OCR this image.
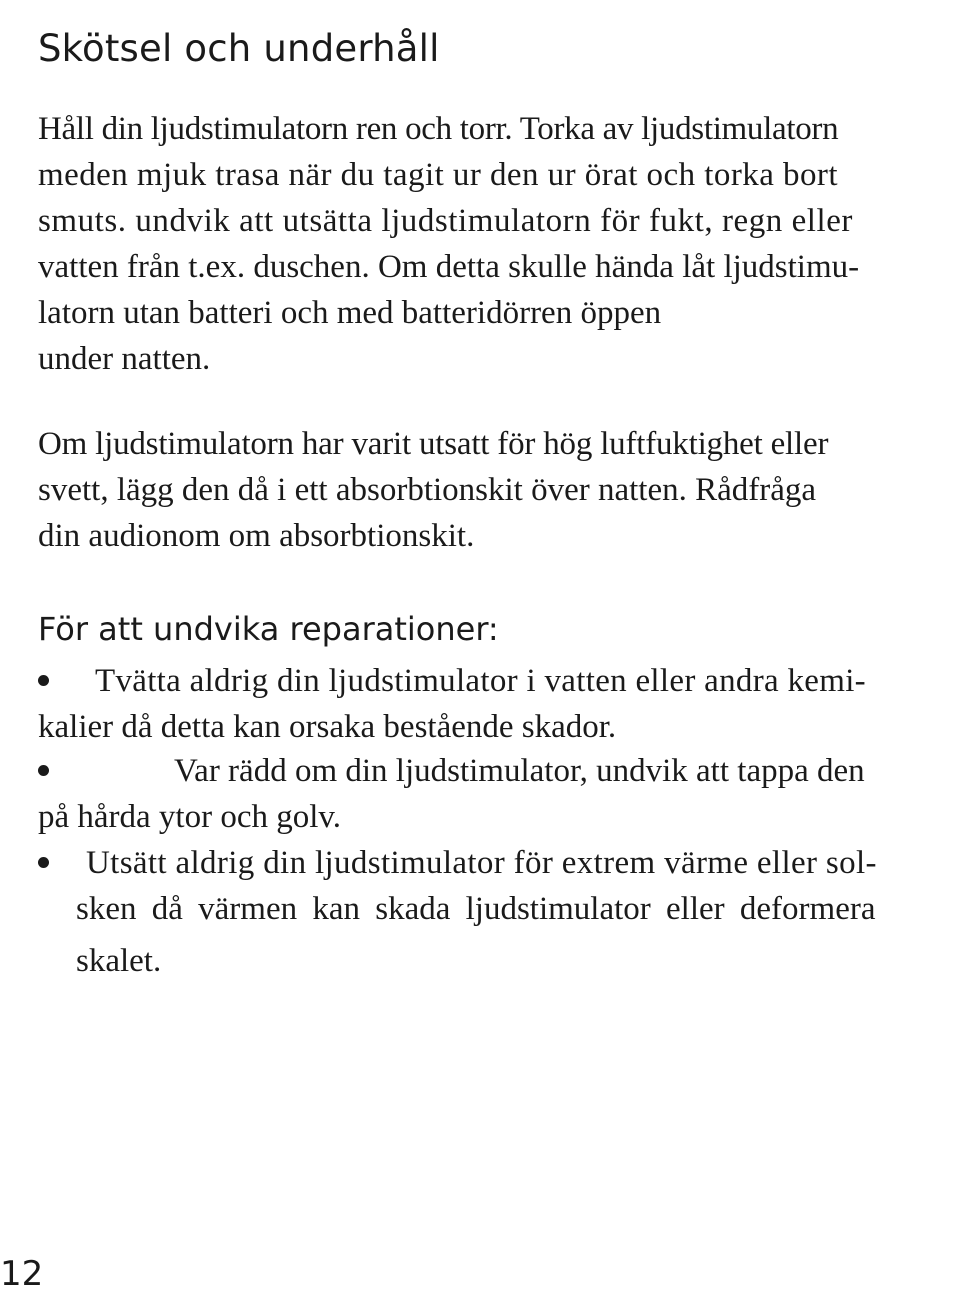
Skötsel och underhåll

Håll din ljudstimulatorn ren och torr. Torka av ljudstimulatorn
meden mjuk trasa när du tagit ur den ur örat och torka bort
smuts. undvik att utsätta ljudstimulatorn för fukt, regn eller
vatten från t.ex. duschen. Om detta skulle hända låt ljudstimu-
latorn utan batteri och med batteridörren öppen
under natten.

Om ljudstimulatorn har varit utsatt för hög luftfuktighet eller
svett, lägg den då i ett absorbtionskit över natten. Rådfråga
din audionom om absorbtionskit.

För att undvika reparationer:
Tvätta aldrig din ljudstimulator i vatten eller andra kemi-
kalier då detta kan orsaka bestående skador.
Var rädd om din ljudstimulator, undvik att tappa den
på hårda ytor och golv.
Utsätt aldrig din ljudstimulator för extrem värme eller sol-
sken då värmen kan skada ljudstimulator eller deformera
skalet.
12
